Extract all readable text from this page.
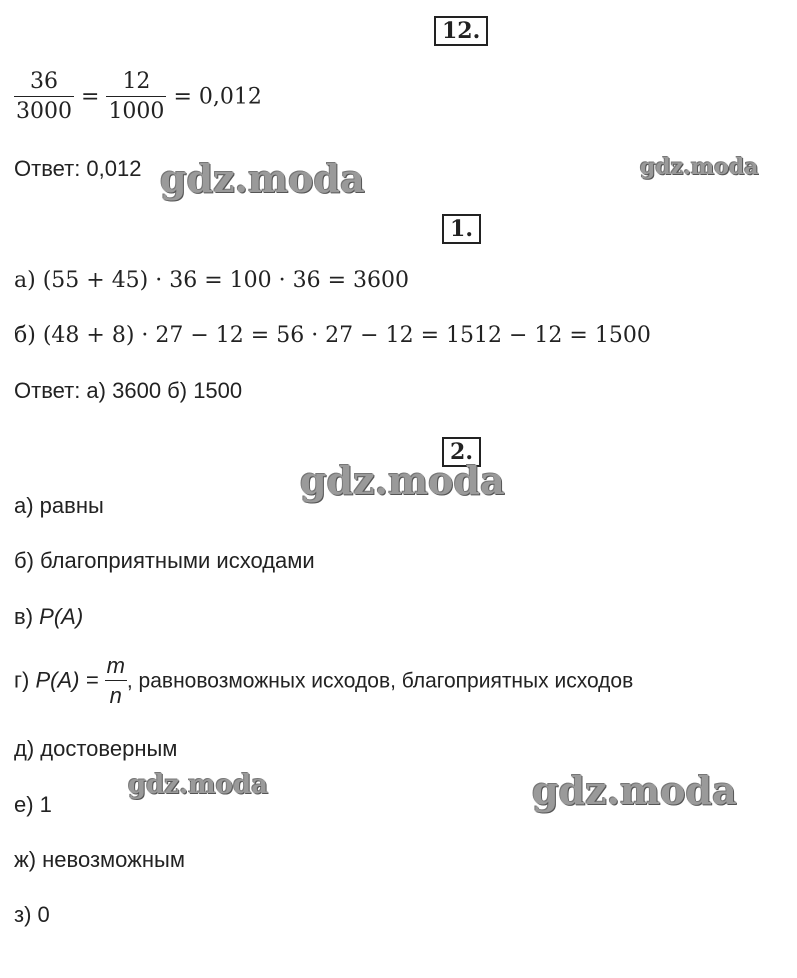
12.
$\frac{36}{3000} = \frac{12}{1000} = 0,012$
Ответ: 0,012 gdz.moda	gdz.moda
1.
а) (55 + 45) · 36 = 100 · 36 = 3600
б) (48 + 8) · 27 − 12 = 56 · 27 − 12 = 1512 − 12 = 1500
Ответ: а) 3600 б) 1500
2.
gdz.moda
а) равны
б) благоприятными исходами
в) P(A)
г) $P(A) = \frac{m}{n}$ , равновозможных исходов, благоприятных исходов
д) достоверным
gdz.moda	gdz.moda
е) 1
ж) невозможным
з) 0
